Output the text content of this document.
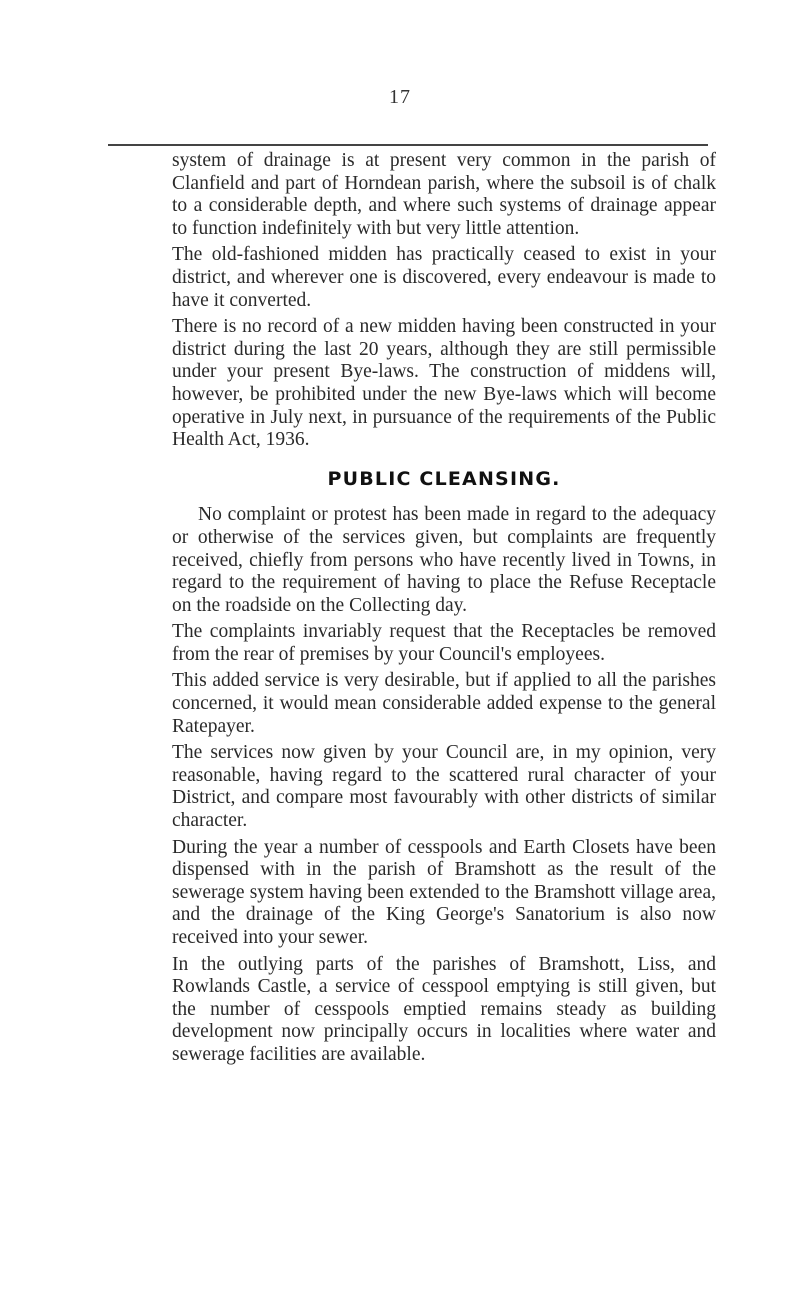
17

system of drainage is at present very common in the parish of Clanfield and part of Horndean parish, where the subsoil is of chalk to a considerable depth, and where such systems of drainage appear to function indefinitely with but very little attention.

The old-fashioned midden has practically ceased to exist in your district, and wherever one is discovered, every endeavour is made to have it converted.

There is no record of a new midden having been constructed in your district during the last 20 years, although they are still permissible under your present Bye-laws. The construction of middens will, however, be prohibited under the new Bye-laws which will become operative in July next, in pursuance of the requirements of the Public Health Act, 1936.

PUBLIC CLEANSING.

No complaint or protest has been made in regard to the adequacy or otherwise of the services given, but complaints are frequently received, chiefly from persons who have recently lived in Towns, in regard to the requirement of having to place the Refuse Receptacle on the roadside on the Collecting day.

The complaints invariably request that the Receptacles be removed from the rear of premises by your Council's employees.

This added service is very desirable, but if applied to all the parishes concerned, it would mean considerable added expense to the general Ratepayer.

The services now given by your Council are, in my opinion, very reasonable, having regard to the scattered rural character of your District, and compare most favourably with other districts of similar character.

During the year a number of cesspools and Earth Closets have been dispensed with in the parish of Bramshott as the result of the sewerage system having been extended to the Bramshott village area, and the drainage of the King George's Sanatorium is also now received into your sewer.

In the outlying parts of the parishes of Bramshott, Liss, and Rowlands Castle, a service of cesspool emptying is still given, but the number of cesspools emptied remains steady as building development now principally occurs in localities where water and sewerage facilities are available.
